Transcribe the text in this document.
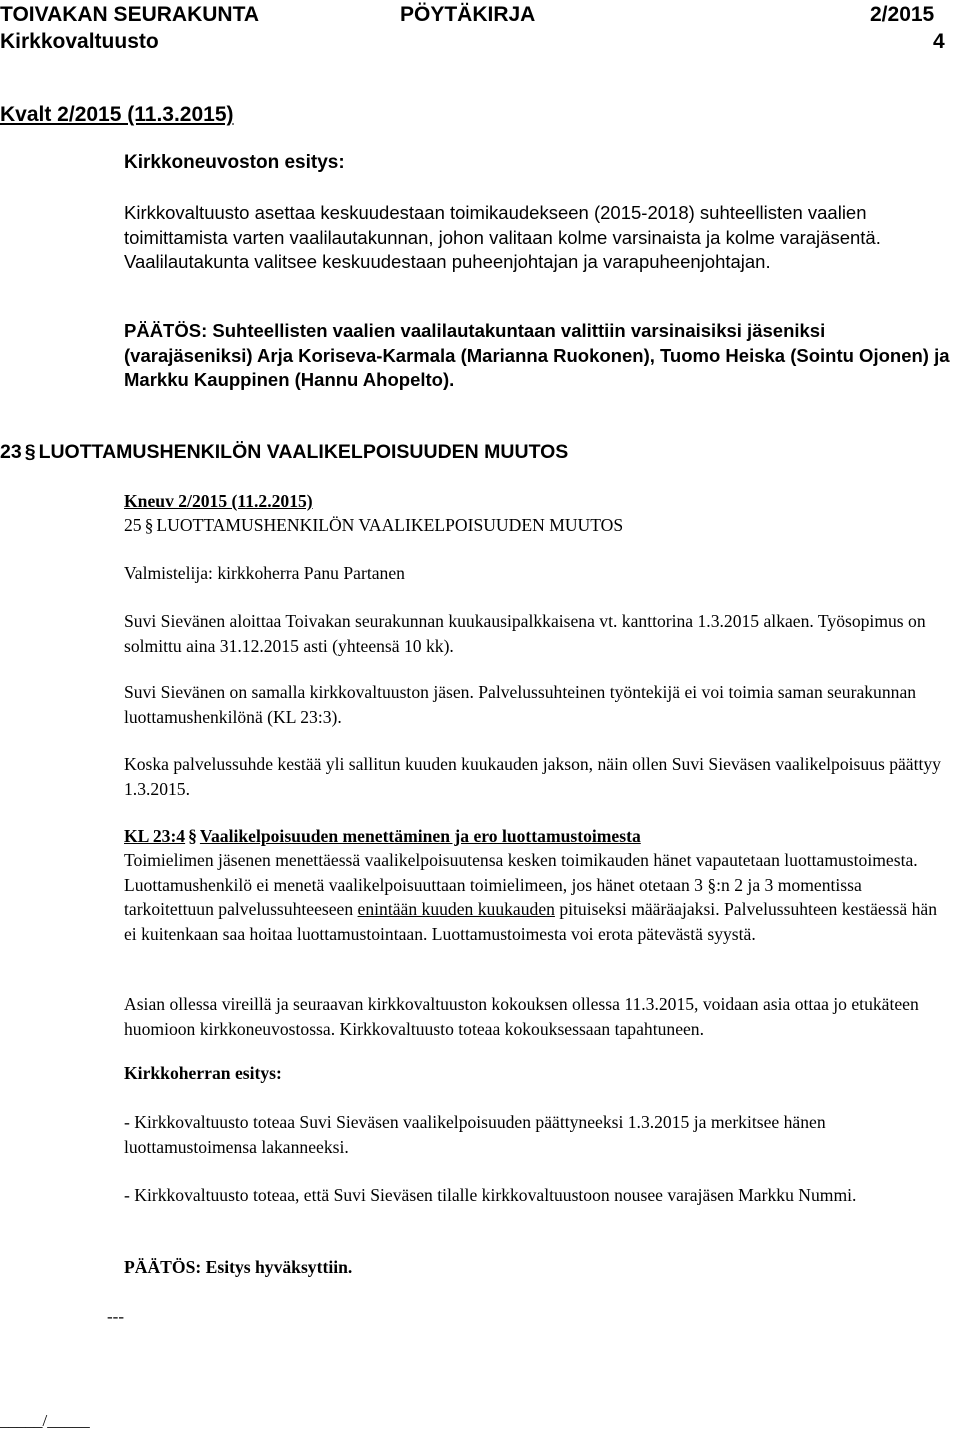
TOIVAKAN SEURAKUNTA	PÖYTÄKIRJA	2/2015
Kirkkovaltuusto	4
Kvalt 2/2015 (11.3.2015)
Kirkkoneuvoston esitys:

Kirkkovaltuusto asettaa keskuudestaan toimikaudekseen (2015-2018) suhteellisten vaalien toimittamista varten vaalilautakunnan, johon valitaan kolme varsinaista ja kolme varajäsentä. Vaalilautakunta valitsee keskuudestaan puheenjohtajan ja varapuheenjohtajan.

PÄÄTÖS: Suhteellisten vaalien vaalilautakuntaan valittiin varsinaisiksi jäseniksi (varajäseniksi) Arja Koriseva-Karmala (Marianna Ruokonen), Tuomo Heiska (Sointu Ojonen) ja Markku Kauppinen (Hannu Ahopelto).

23 § LUOTTAMUSHENKILÖN VAALIKELPOISUUDEN MUUTOS
Kneuv 2/2015 (11.2.2015)
25 § LUOTTAMUSHENKILÖN VAALIKELPOISUUDEN MUUTOS
Valmistelija: kirkkoherra Panu Partanen

Suvi Sievänen aloittaa Toivakan seurakunnan kuukausipalkkaisena vt. kanttorina 1.3.2015 alkaen. Työsopimus on solmittu aina 31.12.2015 asti (yhteensä 10 kk).

Suvi Sievänen on samalla kirkkovaltuuston jäsen. Palvelussuhteinen työntekijä ei voi toimia saman seurakunnan luottamushenkilönä (KL 23:3).

Koska palvelussuhde kestää yli sallitun kuuden kuukauden jakson, näin ollen Suvi Sieväsen vaalikelpoisuus päättyy 1.3.2015.

KL 23:4 § Vaalikelpoisuuden menettäminen ja ero luottamustoimesta

Toimielimen jäsenen menettäessä vaalikelpoisuutensa kesken toimikauden hänet vapautetaan luottamustoimesta. Luottamushenkilö ei menetä vaalikelpoisuuttaan toimielimeen, jos hänet otetaan 3 §:n 2 ja 3 momentissa tarkoitettuun palvelussuhteeseen enintään kuuden kuukauden pituiseksi määräajaksi. Palvelussuhteen kestäessä hän ei kuitenkaan saa hoitaa luottamustointaan. Luottamustoimesta voi erota pätevästä syystä.

Asian ollessa vireillä ja seuraavan kirkkovaltuuston kokouksen ollessa 11.3.2015, voidaan asia ottaa jo etukäteen huomioon kirkkoneuvostossa. Kirkkovaltuusto toteaa kokouksessaan tapahtuneen.

Kirkkoherran esitys:

- Kirkkovaltuusto toteaa Suvi Sieväsen vaalikelpoisuuden päättyneeksi 1.3.2015 ja merkitsee hänen luottamustoimensa lakanneeksi.

- Kirkkovaltuusto toteaa, että Suvi Sieväsen tilalle kirkkovaltuustoon nousee varajäsen Markku Nummi.

PÄÄTÖS: Esitys hyväksyttiin.
---
_____/_____
